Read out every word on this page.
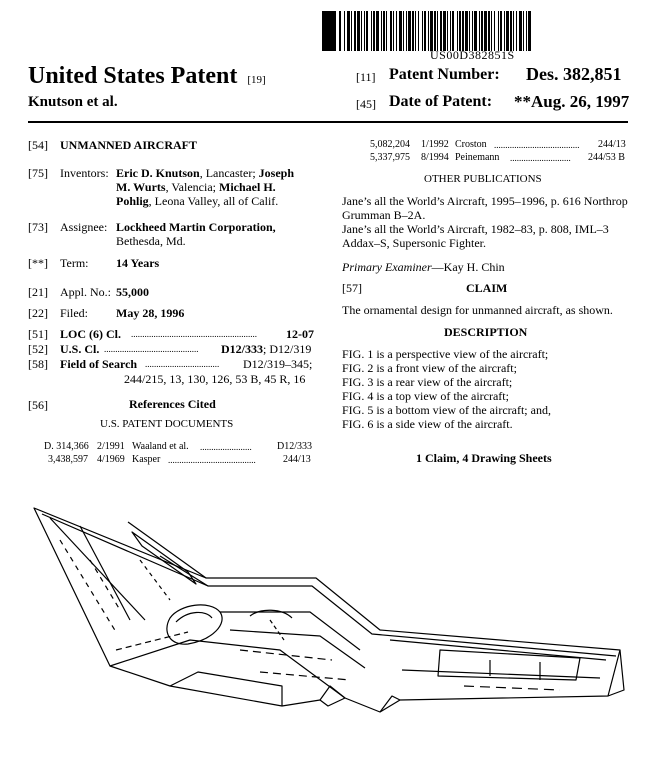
US00D382851S
United States Patent [19]
Knutson et al.
[11] Patent Number: Des. 382,851
[45] Date of Patent: **Aug. 26, 1997
[54] UNMANNED AIRCRAFT
[75] Inventors: Eric D. Knutson, Lancaster; Joseph
M. Wurts, Valencia; Michael H.
Pohlig, Leona Valley, all of Calif.
[73] Assignee: Lockheed Martin Corporation,
Bethesda, Md.
[**] Term: 14 Years
[21] Appl. No.: 55,000
[22] Filed: May 28, 1996
[51] LOC (6) Cl. ........................................................ 12-07
[52] U.S. Cl. .......................................... D12/333; D12/319
[58] Field of Search ................................. D12/319–345;
244/215, 13, 130, 126, 53 B, 45 R, 16
[56]	References Cited
U.S. PATENT DOCUMENTS
D. 314,366 2/1991 Waaland et al. .......................	D12/333
3,438,597 4/1969 Kasper .......................................	244/13
5,082,204 1/1992 Croston ...................................... 244/13
5,337,975 8/1994 Peinemann ........................... 244/53 B
OTHER PUBLICATIONS
Jane’s all the World’s Aircraft, 1995–1996, p. 616 Northrop
Grumman B–2A.
Jane’s all the World’s Aircraft, 1982–83, p. 808, IML–3
Addax–S, Supersonic Fighter.
Primary Examiner—Kay H. Chin
[57]	CLAIM
The ornamental design for unmanned aircraft, as shown.
DESCRIPTION
FIG. 1 is a perspective view of the aircraft;
FIG. 2 is a front view of the aircraft;
FIG. 3 is a rear view of the aircraft;
FIG. 4 is a top view of the aircraft;
FIG. 5 is a bottom view of the aircraft; and,
FIG. 6 is a side view of the aircraft.
1 Claim, 4 Drawing Sheets
